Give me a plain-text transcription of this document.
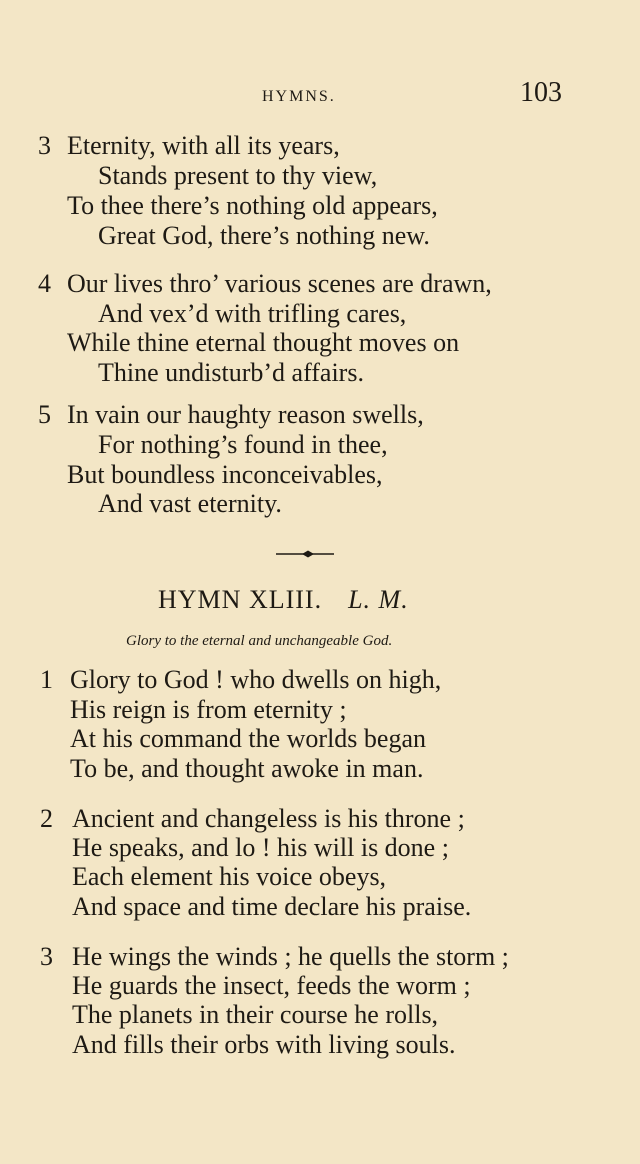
HYMNS.	103
3 Eternity, with all its years,
Stands present to thy view,
To thee there’s nothing old appears,
Great God, there’s nothing new.
4 Our lives thro’ various scenes are drawn,
And vex’d with trifling cares,
While thine eternal thought moves on
Thine undisturb’d affairs.
5 In vain our haughty reason swells,
For nothing’s found in thee,
But boundless inconceivables,
And vast eternity.
HYMN XLIII. L. M.
Glory to the eternal and unchangeable God.
1 Glory to God ! who dwells on high,
His reign is from eternity ;
At his command the worlds began
To be, and thought awoke in man.
2 Ancient and changeless is his throne ;
He speaks, and lo ! his will is done ;
Each element his voice obeys,
And space and time declare his praise.
3 He wings the winds ; he quells the storm ;
He guards the insect, feeds the worm ;
The planets in their course he rolls,
And fills their orbs with living souls.
